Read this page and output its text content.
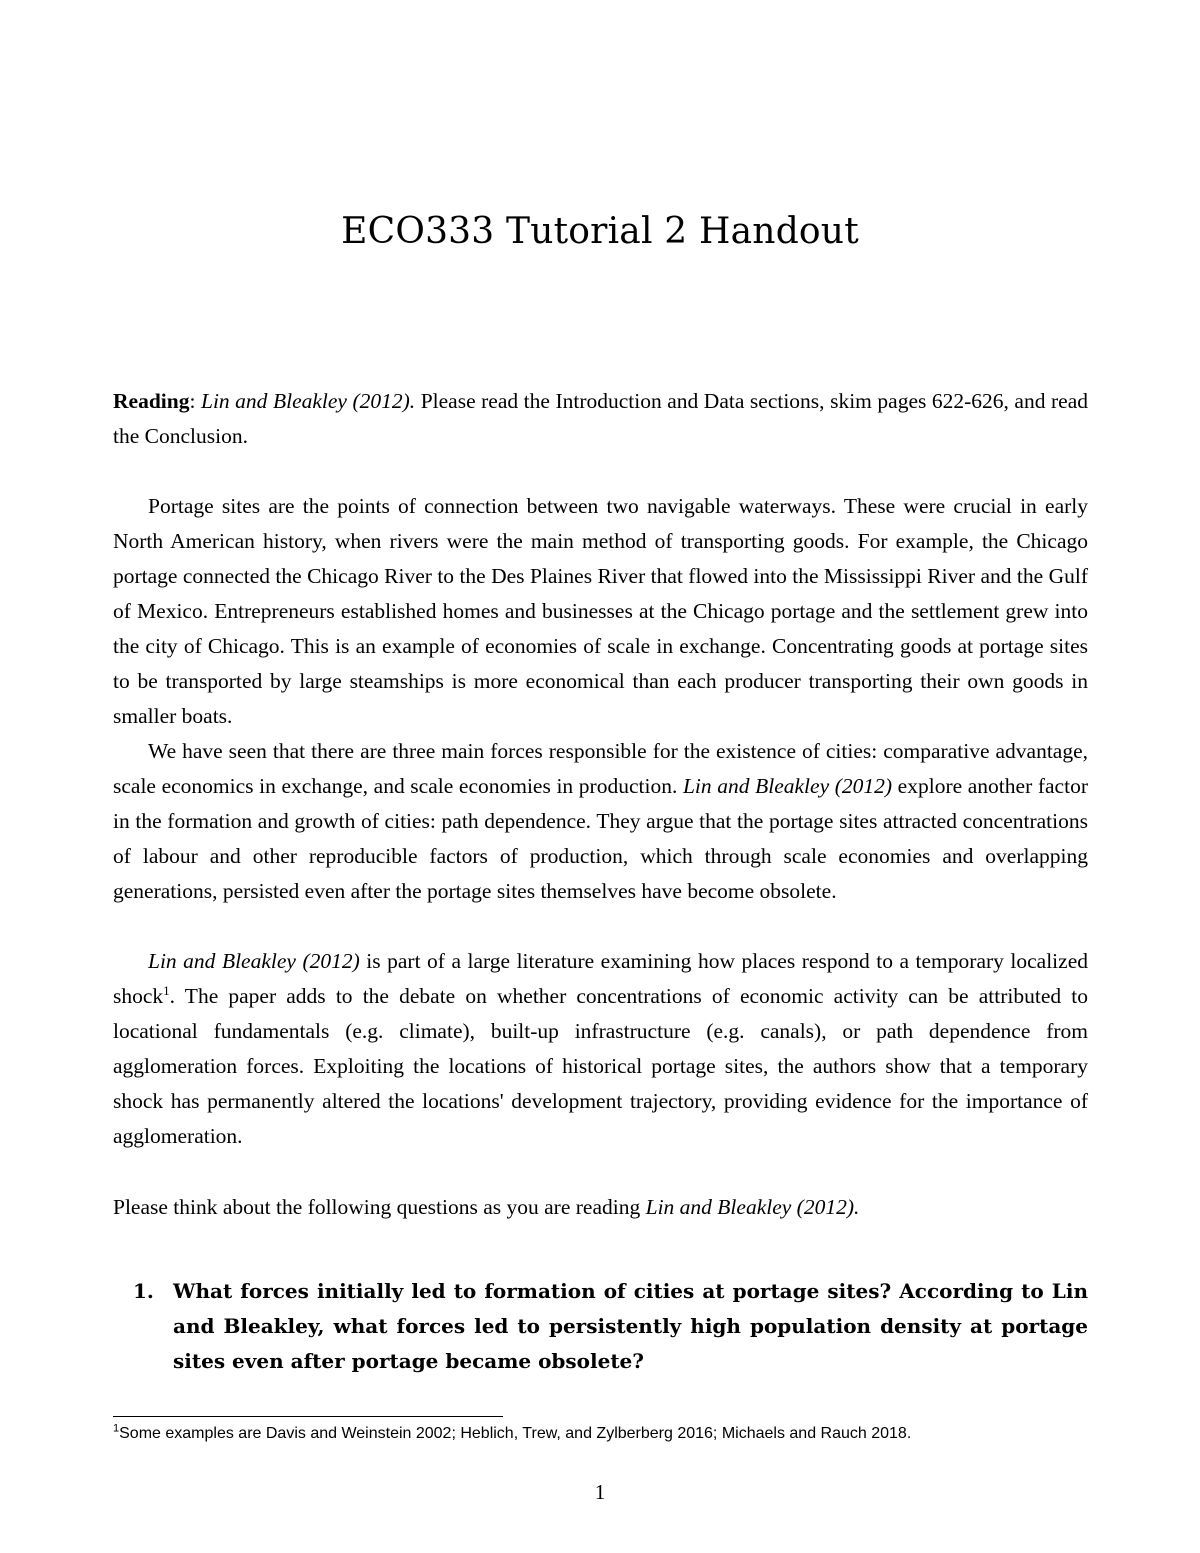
ECO333 Tutorial 2 Handout

Reading: Lin and Bleakley (2012). Please read the Introduction and Data sections, skim pages 622-626, and read the Conclusion.

Portage sites are the points of connection between two navigable waterways. These were crucial in early North American history, when rivers were the main method of transporting goods. For example, the Chicago portage connected the Chicago River to the Des Plaines River that flowed into the Mississippi River and the Gulf of Mexico. Entrepreneurs established homes and businesses at the Chicago portage and the settlement grew into the city of Chicago. This is an example of economies of scale in exchange. Concentrating goods at portage sites to be transported by large steamships is more economical than each producer transporting their own goods in smaller boats.

We have seen that there are three main forces responsible for the existence of cities: comparative advantage, scale economics in exchange, and scale economies in production. Lin and Bleakley (2012) explore another factor in the formation and growth of cities: path dependence. They argue that the portage sites attracted concentrations of labour and other reproducible factors of production, which through scale economies and overlapping generations, persisted even after the portage sites themselves have become obsolete.

Lin and Bleakley (2012) is part of a large literature examining how places respond to a temporary localized shock$^1$. The paper adds to the debate on whether concentrations of economic activity can be attributed to locational fundamentals (e.g. climate), built-up infrastructure (e.g. canals), or path dependence from agglomeration forces. Exploiting the locations of historical portage sites, the authors show that a temporary shock has permanently altered the locations' development trajectory, providing evidence for the importance of agglomeration.

Please think about the following questions as you are reading Lin and Bleakley (2012).

1. What forces initially led to formation of cities at portage sites? According to Lin and Bleakley, what forces led to persistently high population density at portage sites even after portage became obsolete?

$^1$Some examples are Davis and Weinstein 2002; Heblich, Trew, and Zylberberg 2016; Michaels and Rauch 2018.

1
